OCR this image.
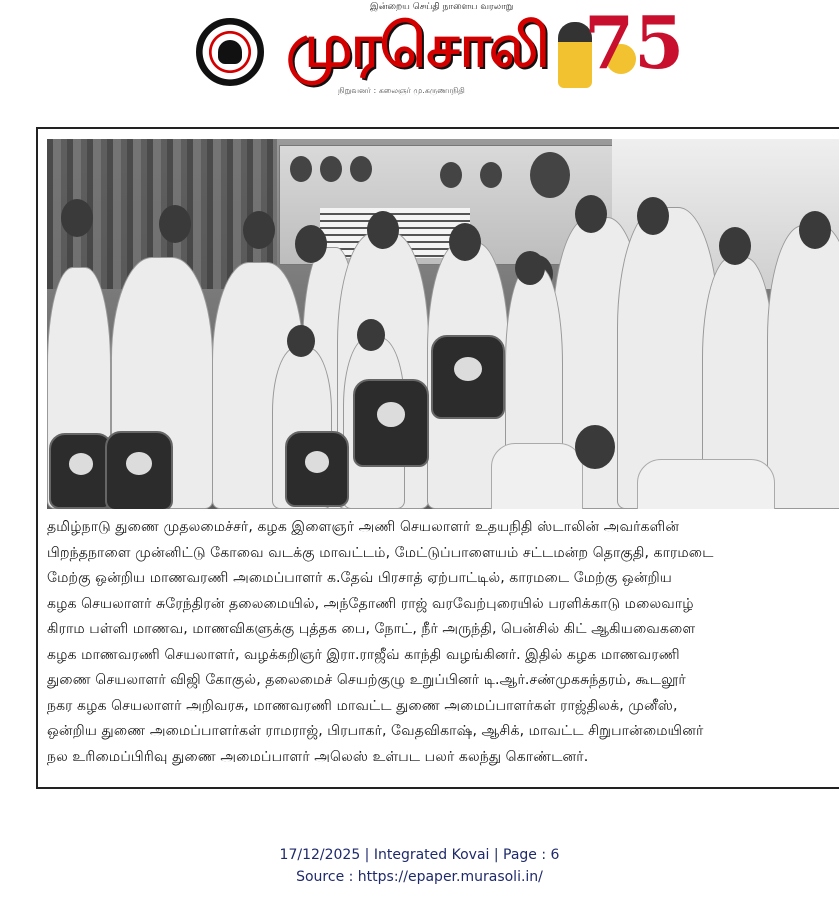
இன்றைய செய்தி நாளைய வரலாறு
முரசொலி
நிறுவனர் : கலைஞர் மு.கருணாநிதி
75

தமிழ்நாடு துணை முதலமைச்சர், கழக இளைஞர் அணி செயலாளர் உதயநிதி ஸ்டாலின் அவர்களின்
பிறந்தநாளை முன்னிட்டு கோவை வடக்கு மாவட்டம், மேட்டுப்பாளையம் சட்டமன்ற தொகுதி, காரமடை
மேற்கு ஒன்றிய மாணவரணி அமைப்பாளர் க.தேவ் பிரசாத் ஏற்பாட்டில், காரமடை மேற்கு ஒன்றிய
கழக செயலாளர் சுரேந்திரன் தலைமையில், அந்தோணி ராஜ் வரவேற்புரையில் பரளிக்காடு மலைவாழ்
கிராம பள்ளி மாணவ, மாணவிகளுக்கு புத்தக பை, நோட், நீர் அருந்தி, பென்சில் கிட் ஆகியவைகளை
கழக மாணவரணி செயலாளர், வழக்கறிஞர் இரா.ராஜீவ் காந்தி வழங்கினர். இதில் கழக மாணவரணி
துணை செயலாளர் விஜி கோகுல், தலைமைச் செயற்குழு உறுப்பினர் டி.ஆர்.சண்முகசுந்தரம், கூடலூர்
நகர கழக செயலாளர் அறிவரசு, மாணவரணி மாவட்ட துணை அமைப்பாளர்கள் ராஜ்திலக், முனீஸ்,
ஒன்றிய துணை அமைப்பாளர்கள் ராமராஜ், பிரபாகர், வேதவிகாஷ், ஆசிக், மாவட்ட சிறுபான்மையினர்
நல உரிமைப்பிரிவு துணை அமைப்பாளர் அலெஸ் உள்பட பலர் கலந்து கொண்டனர்.

17/12/2025 | Integrated Kovai | Page : 6
Source : https://epaper.murasoli.in/
